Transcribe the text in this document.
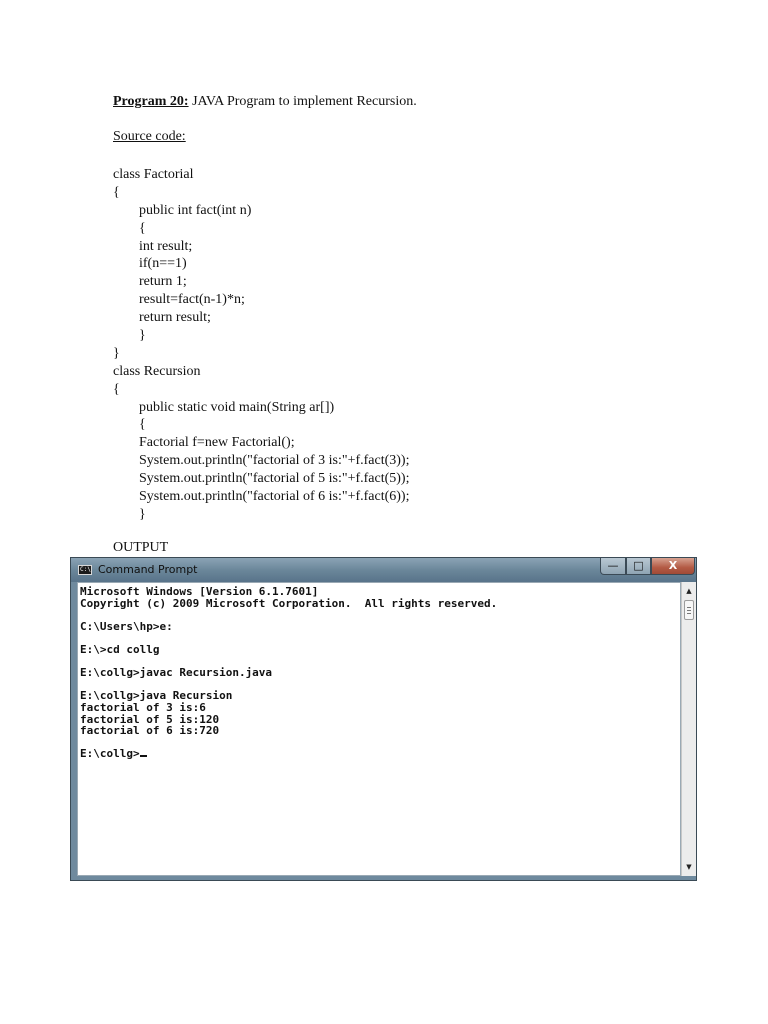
Program 20: JAVA Program to implement Recursion.
Source code:
class Factorial
{
public int fact(int n)
{
int result;
if(n==1)
return 1;
result=fact(n-1)*n;
return result;
}
}
class Recursion
{
public static void main(String ar[])
{
Factorial f=new Factorial();
System.out.println("factorial of 3 is:"+f.fact(3));
System.out.println("factorial of 5 is:"+f.fact(5));
System.out.println("factorial of 6 is:"+f.fact(6));
}
OUTPUT
C:\ Command Prompt	—	□	X
Microsoft Windows [Version 6.1.7601]
Copyright (c) 2009 Microsoft Corporation.  All rights reserved.
C:\Users\hp>e:
E:\>cd collg
E:\collg>javac Recursion.java
E:\collg>java Recursion
factorial of 3 is:6
factorial of 5 is:120
factorial of 6 is:720
E:\collg>
▲
▼
